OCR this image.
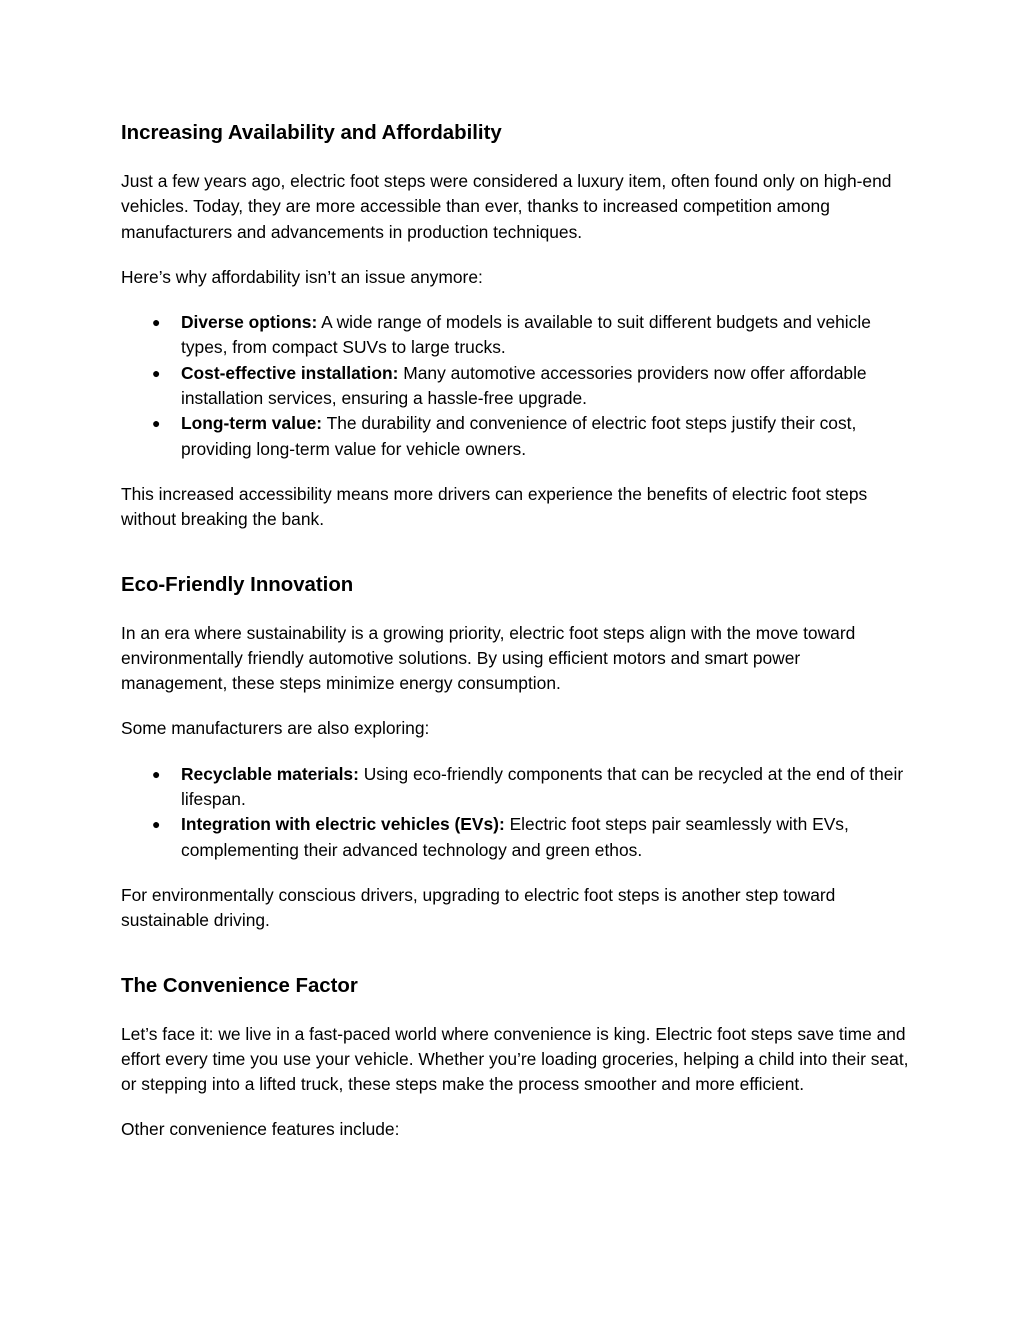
Increasing Availability and Affordability

Just a few years ago, electric foot steps were considered a luxury item, often found only on high-end vehicles. Today, they are more accessible than ever, thanks to increased competition among manufacturers and advancements in production techniques.

Here’s why affordability isn’t an issue anymore:

● Diverse options: A wide range of models is available to suit different budgets and vehicle types, from compact SUVs to large trucks.
● Cost-effective installation: Many automotive accessories providers now offer affordable installation services, ensuring a hassle-free upgrade.
● Long-term value: The durability and convenience of electric foot steps justify their cost, providing long-term value for vehicle owners.

This increased accessibility means more drivers can experience the benefits of electric foot steps without breaking the bank.

Eco-Friendly Innovation

In an era where sustainability is a growing priority, electric foot steps align with the move toward environmentally friendly automotive solutions. By using efficient motors and smart power management, these steps minimize energy consumption.

Some manufacturers are also exploring:

● Recyclable materials: Using eco-friendly components that can be recycled at the end of their lifespan.
● Integration with electric vehicles (EVs): Electric foot steps pair seamlessly with EVs, complementing their advanced technology and green ethos.

For environmentally conscious drivers, upgrading to electric foot steps is another step toward sustainable driving.

The Convenience Factor

Let’s face it: we live in a fast-paced world where convenience is king. Electric foot steps save time and effort every time you use your vehicle. Whether you’re loading groceries, helping a child into their seat, or stepping into a lifted truck, these steps make the process smoother and more efficient.

Other convenience features include:
